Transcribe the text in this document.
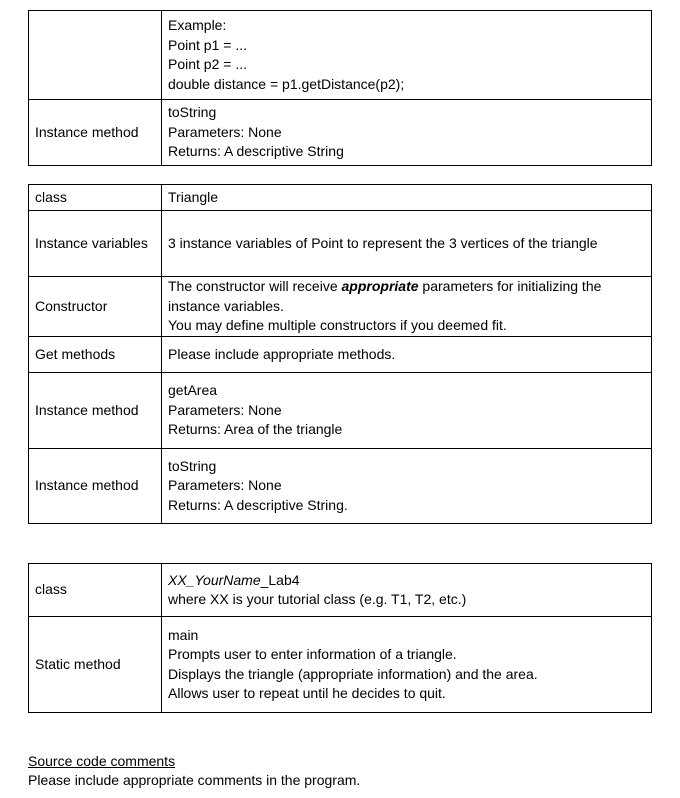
	Example:
Point p1 = ...
Point p2 = ...
double distance = p1.getDistance(p2);

Instance method	toString
Parameters: None
Returns: A descriptive String
class	Triangle

Instance variables	3 instance variables of Point to represent the 3 vertices of the triangle

Constructor	The constructor will receive appropriate parameters for initializing the
instance variables.
You may define multiple constructors if you deemed fit.

Get methods	Please include appropriate methods.

Instance method	getArea
Parameters: None
Returns: Area of the triangle

Instance method	toString
Parameters: None
Returns: A descriptive String.
class	XX_YourName_Lab4
where XX is your tutorial class (e.g. T1, T2, etc.)

Static method	main
Prompts user to enter information of a triangle.
Displays the triangle (appropriate information) and the area.
Allows user to repeat until he decides to quit.
Source code comments
Please include appropriate comments in the program.
